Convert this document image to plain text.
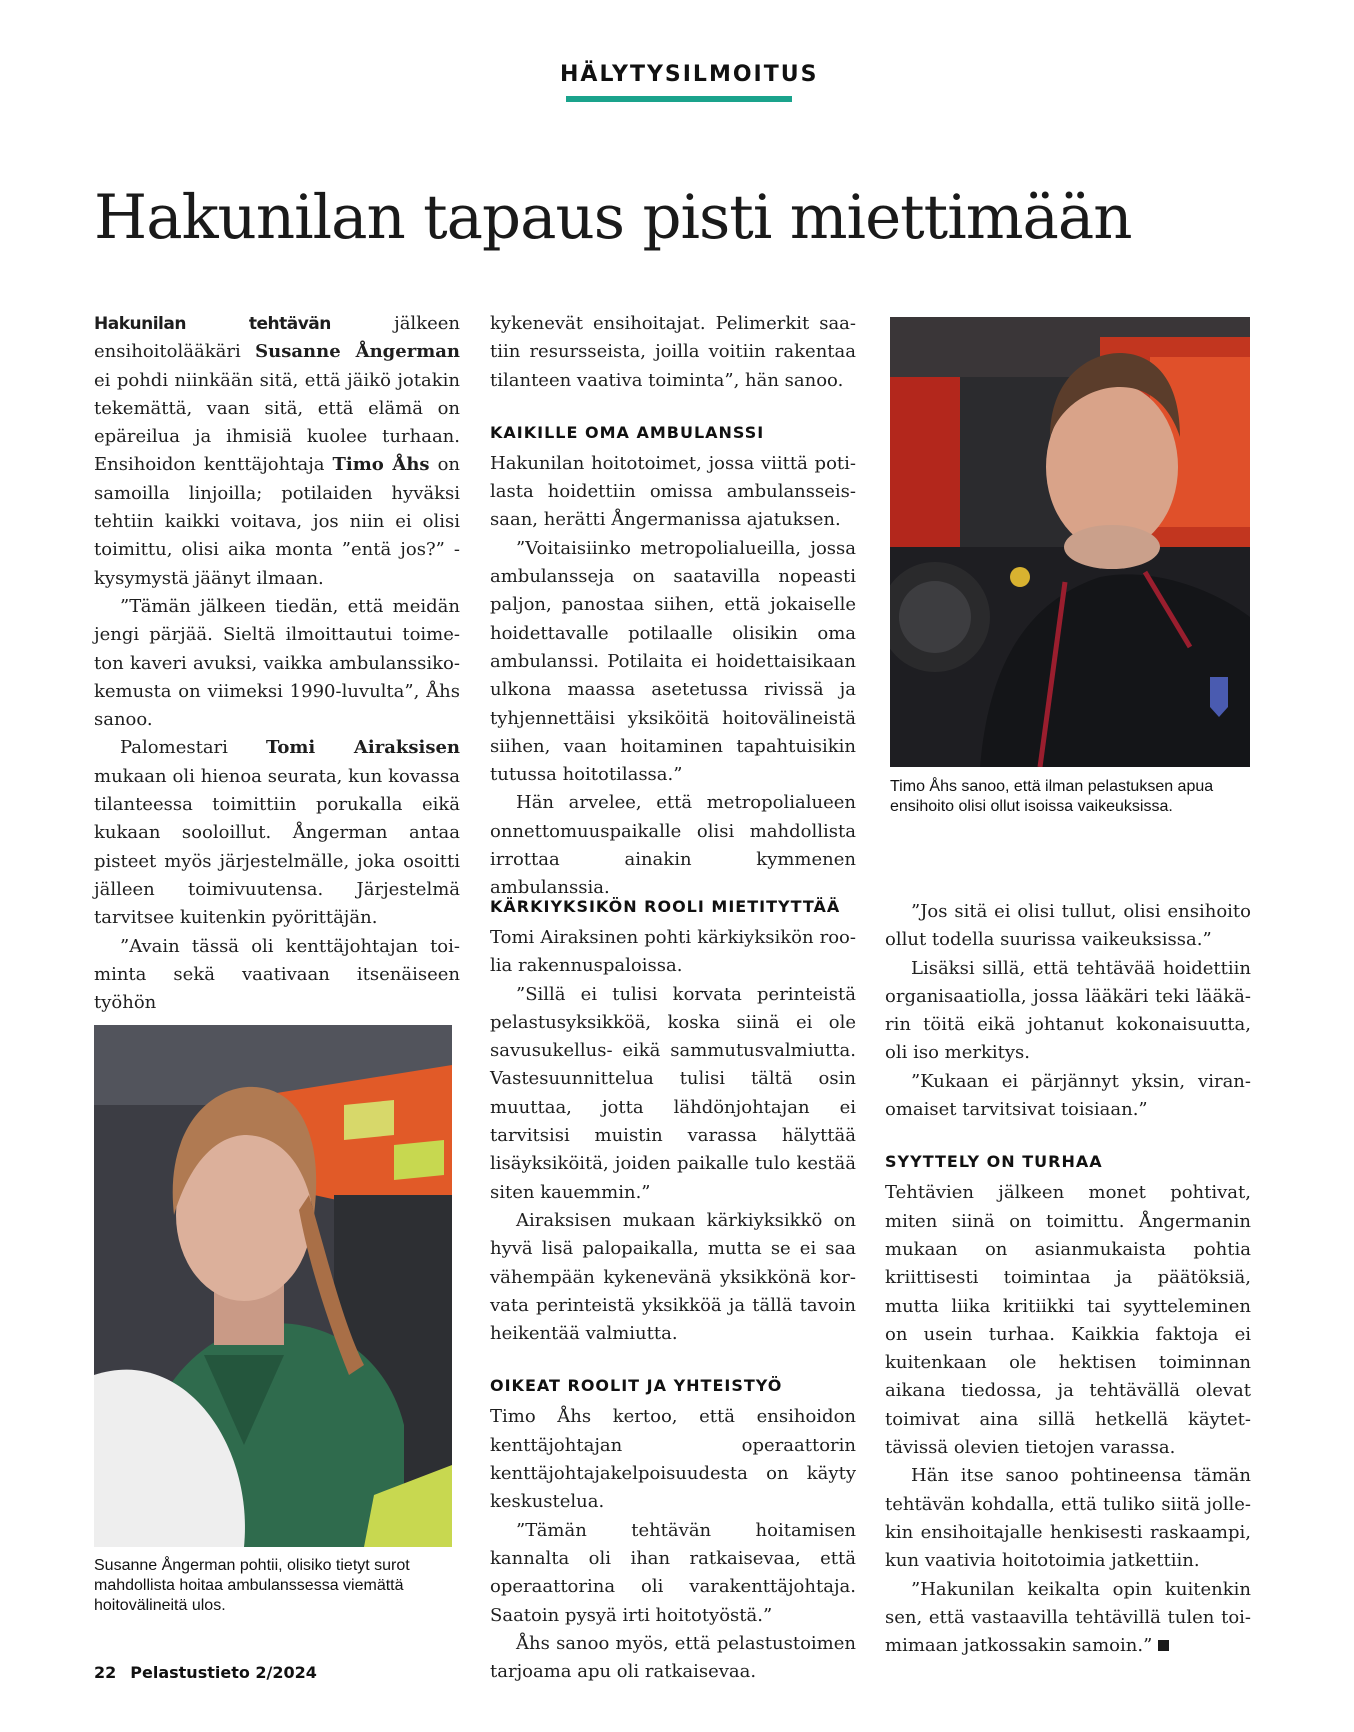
HÄLYTYSILMOITUS
Hakunilan tapaus pisti miettimään

Hakunilan tehtävän jälkeen ensihoitolääkäri Susanne Ångerman ei pohdi niinkään sitä, että jäikö jotakin tekemättä, vaan sitä, että elämä on epäreilua ja ihmisiä kuolee turhaan. Ensihoidon kenttäjohtaja Timo Åhs on samoilla linjoilla; potilaiden hyväksi tehtiin kaikki voitava, jos niin ei olisi toimittu, olisi aika monta ”entä jos?” -kysymystä jäänyt ilmaan.

”Tämän jälkeen tiedän, että meidän jengi pärjää. Sieltä ilmoittautui toimeton kaveri avuksi, vaikka ambulanssikokemusta on viimeksi 1990-luvulta”, Åhs sanoo.

Palomestari Tomi Airaksisen mukaan oli hienoa seurata, kun kovassa tilanteessa toimittiin porukalla eikä kukaan sooloillut. Ångerman antaa pisteet myös järjestelmälle, joka osoitti jälleen toimivuutensa. Järjestelmä tarvitsee kuitenkin pyörittäjän.

”Avain tässä oli kenttäjohtajan toiminta sekä vaativaan itsenäiseen työhön

kykenevät ensihoitajat. Pelimerkit saatiin resursseista, joilla voitiin rakentaa tilanteen vaativa toiminta”, hän sanoo.

KAIKILLE OMA AMBULANSSI

Hakunilan hoitotoimet, jossa viittä potilasta hoidettiin omissa ambulansseissaan, herätti Ångermanissa ajatuksen.

”Voitaisiinko metropolialueilla, jossa ambulansseja on saatavilla nopeasti paljon, panostaa siihen, että jokaiselle hoidettavalle potilaalle olisikin oma ambulanssi. Potilaita ei hoidettaisikaan ulkona maassa asetetussa rivissä ja tyhjennettäisi yksiköitä hoitovälineistä siihen, vaan hoitaminen tapahtuisikin tutussa hoitotilassa.”

Hän arvelee, että metropolialueen onnettomuuspaikalle olisi mahdollista irrottaa ainakin kymmenen ambulanssia.

KÄRKIYKSIKÖN ROOLI MIETITYTTÄÄ

Tomi Airaksinen pohti kärkiyksikön roolia rakennuspaloissa.

”Sillä ei tulisi korvata perinteistä pelastusyksikköä, koska siinä ei ole savusukellus- eikä sammutusvalmiutta. Vastesuunnittelua tulisi tältä osin muuttaa, jotta lähdönjohtajan ei tarvitsisi muistin varassa hälyttää lisäyksiköitä, joiden paikalle tulo kestää siten kauemmin.”

Airaksisen mukaan kärkiyksikkö on hyvä lisä palopaikalla, mutta se ei saa vähempään kykenevänä yksikkönä korvata perinteistä yksikköä ja tällä tavoin heikentää valmiutta.

OIKEAT ROOLIT JA YHTEISTYÖ

Timo Åhs kertoo, että ensihoidon kenttäjohtajan operaattorin kenttäjohtajakelpoisuudesta on käyty keskustelua.

”Tämän tehtävän hoitamisen kannalta oli ihan ratkaisevaa, että operaattorina oli varakenttäjohtaja. Saatoin pysyä irti hoitotyöstä.”

Åhs sanoo myös, että pelastustoimen tarjoama apu oli ratkaisevaa.

”Jos sitä ei olisi tullut, olisi ensihoito ollut todella suurissa vaikeuksissa.”

Lisäksi sillä, että tehtävää hoidettiin organisaatiolla, jossa lääkäri teki lääkärin töitä eikä johtanut kokonaisuutta, oli iso merkitys.

”Kukaan ei pärjännyt yksin, viranomaiset tarvitsivat toisiaan.”

SYYTTELY ON TURHAA

Tehtävien jälkeen monet pohtivat, miten siinä on toimittu. Ångermanin mukaan on asianmukaista pohtia kriittisesti toimintaa ja päätöksiä, mutta liika kritiikki tai syytteleminen on usein turhaa. Kaikkia faktoja ei kuitenkaan ole hektisen toiminnan aikana tiedossa, ja tehtävällä olevat toimivat aina sillä hetkellä käytettävissä olevien tietojen varassa.

Hän itse sanoo pohtineensa tämän tehtävän kohdalla, että tuliko siitä jollekin ensihoitajalle henkisesti raskaampi, kun vaativia hoitotoimia jatkettiin.

”Hakunilan keikalta opin kuitenkin sen, että vastaavilla tehtävillä tulen toimimaan jatkossakin samoin.”

Timo Åhs sanoo, että ilman pelastuksen apua ensihoito olisi ollut isoissa vaikeuksissa.
Susanne Ångerman pohtii, olisiko tietyt surot mahdollista hoitaa ambulanssessa viemättä hoitovälineitä ulos.
22 Pelastustieto 2/2024
